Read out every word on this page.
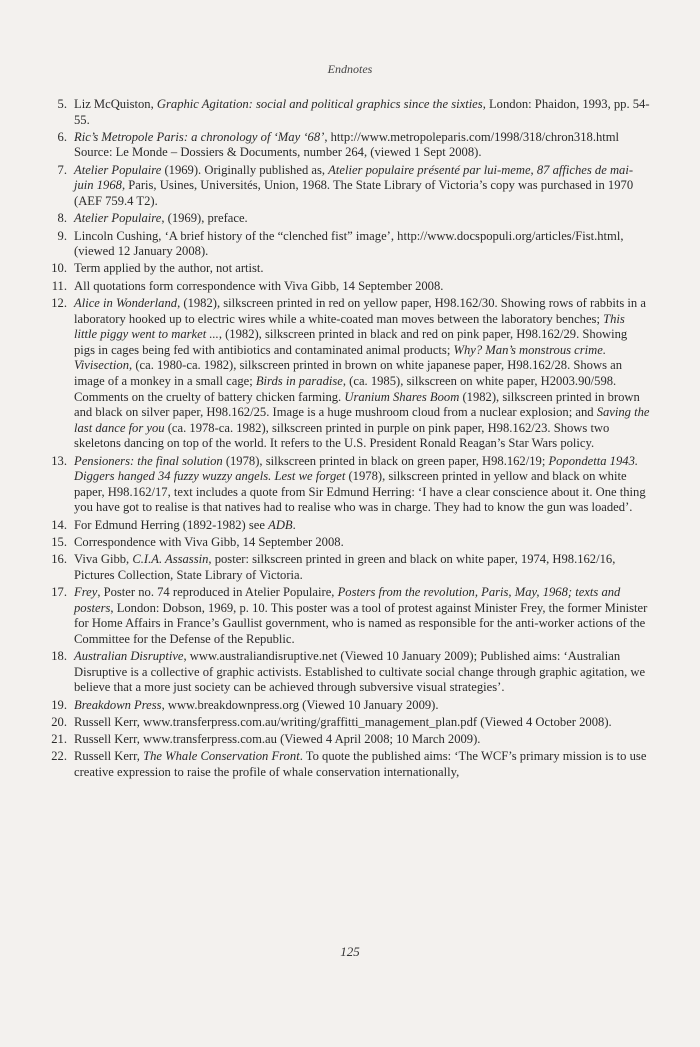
Endnotes
5. Liz McQuiston, Graphic Agitation: social and political graphics since the sixties, London: Phaidon, 1993, pp. 54-55.
6. Ric’s Metropole Paris: a chronology of ‘May ‘68’, http://www.metropoleparis.com/1998/318/chron318.html Source: Le Monde – Dossiers & Documents, number 264, (viewed 1 Sept 2008).
7. Atelier Populaire (1969). Originally published as, Atelier populaire présenté par lui-meme, 87 affiches de mai-juin 1968, Paris, Usines, Universités, Union, 1968. The State Library of Victoria’s copy was purchased in 1970 (AEF 759.4 T2).
8. Atelier Populaire, (1969), preface.
9. Lincoln Cushing, ‘A brief history of the “clenched fist” image’, http://www.docspopuli.org/articles/Fist.html, (viewed 12 January 2008).
10. Term applied by the author, not artist.
11. All quotations form correspondence with Viva Gibb, 14 September 2008.
12. Alice in Wonderland, (1982), silkscreen printed in red on yellow paper, H98.162/30. Showing rows of rabbits in a laboratory hooked up to electric wires while a white-coated man moves between the laboratory benches; This little piggy went to market ..., (1982), silkscreen printed in black and red on pink paper, H98.162/29. Showing pigs in cages being fed with antibiotics and contaminated animal products; Why? Man’s monstrous crime. Vivisection, (ca. 1980-ca. 1982), silkscreen printed in brown on white japanese paper, H98.162/28. Shows an image of a monkey in a small cage; Birds in paradise, (ca. 1985), silkscreen on white paper, H2003.90/598. Comments on the cruelty of battery chicken farming. Uranium Shares Boom (1982), silkscreen printed in brown and black on silver paper, H98.162/25. Image is a huge mushroom cloud from a nuclear explosion; and Saving the last dance for you (ca. 1978-ca. 1982), silkscreen printed in purple on pink paper, H98.162/23. Shows two skeletons dancing on top of the world. It refers to the U.S. President Ronald Reagan’s Star Wars policy.
13. Pensioners: the final solution (1978), silkscreen printed in black on green paper, H98.162/19; Popondetta 1943. Diggers hanged 34 fuzzy wuzzy angels. Lest we forget (1978), silkscreen printed in yellow and black on white paper, H98.162/17, text includes a quote from Sir Edmund Herring: ‘I have a clear conscience about it. One thing you have got to realise is that natives had to realise who was in charge. They had to know the gun was loaded’.
14. For Edmund Herring (1892-1982) see ADB.
15. Correspondence with Viva Gibb, 14 September 2008.
16. Viva Gibb, C.I.A. Assassin, poster: silkscreen printed in green and black on white paper, 1974, H98.162/16, Pictures Collection, State Library of Victoria.
17. Frey, Poster no. 74 reproduced in Atelier Populaire, Posters from the revolution, Paris, May, 1968; texts and posters, London: Dobson, 1969, p. 10. This poster was a tool of protest against Minister Frey, the former Minister for Home Affairs in France’s Gaullist government, who is named as responsible for the anti-worker actions of the Committee for the Defense of the Republic.
18. Australian Disruptive, www.australiandisruptive.net (Viewed 10 January 2009); Published aims: ‘Australian Disruptive is a collective of graphic activists. Established to cultivate social change through graphic agitation, we believe that a more just society can be achieved through subversive visual strategies’.
19. Breakdown Press, www.breakdownpress.org (Viewed 10 January 2009).
20. Russell Kerr, www.transferpress.com.au/writing/graffitti_management_plan.pdf (Viewed 4 October 2008).
21. Russell Kerr, www.transferpress.com.au (Viewed 4 April 2008; 10 March 2009).
22. Russell Kerr, The Whale Conservation Front. To quote the published aims: ‘The WCF’s primary mission is to use creative expression to raise the profile of whale conservation internationally,
125
